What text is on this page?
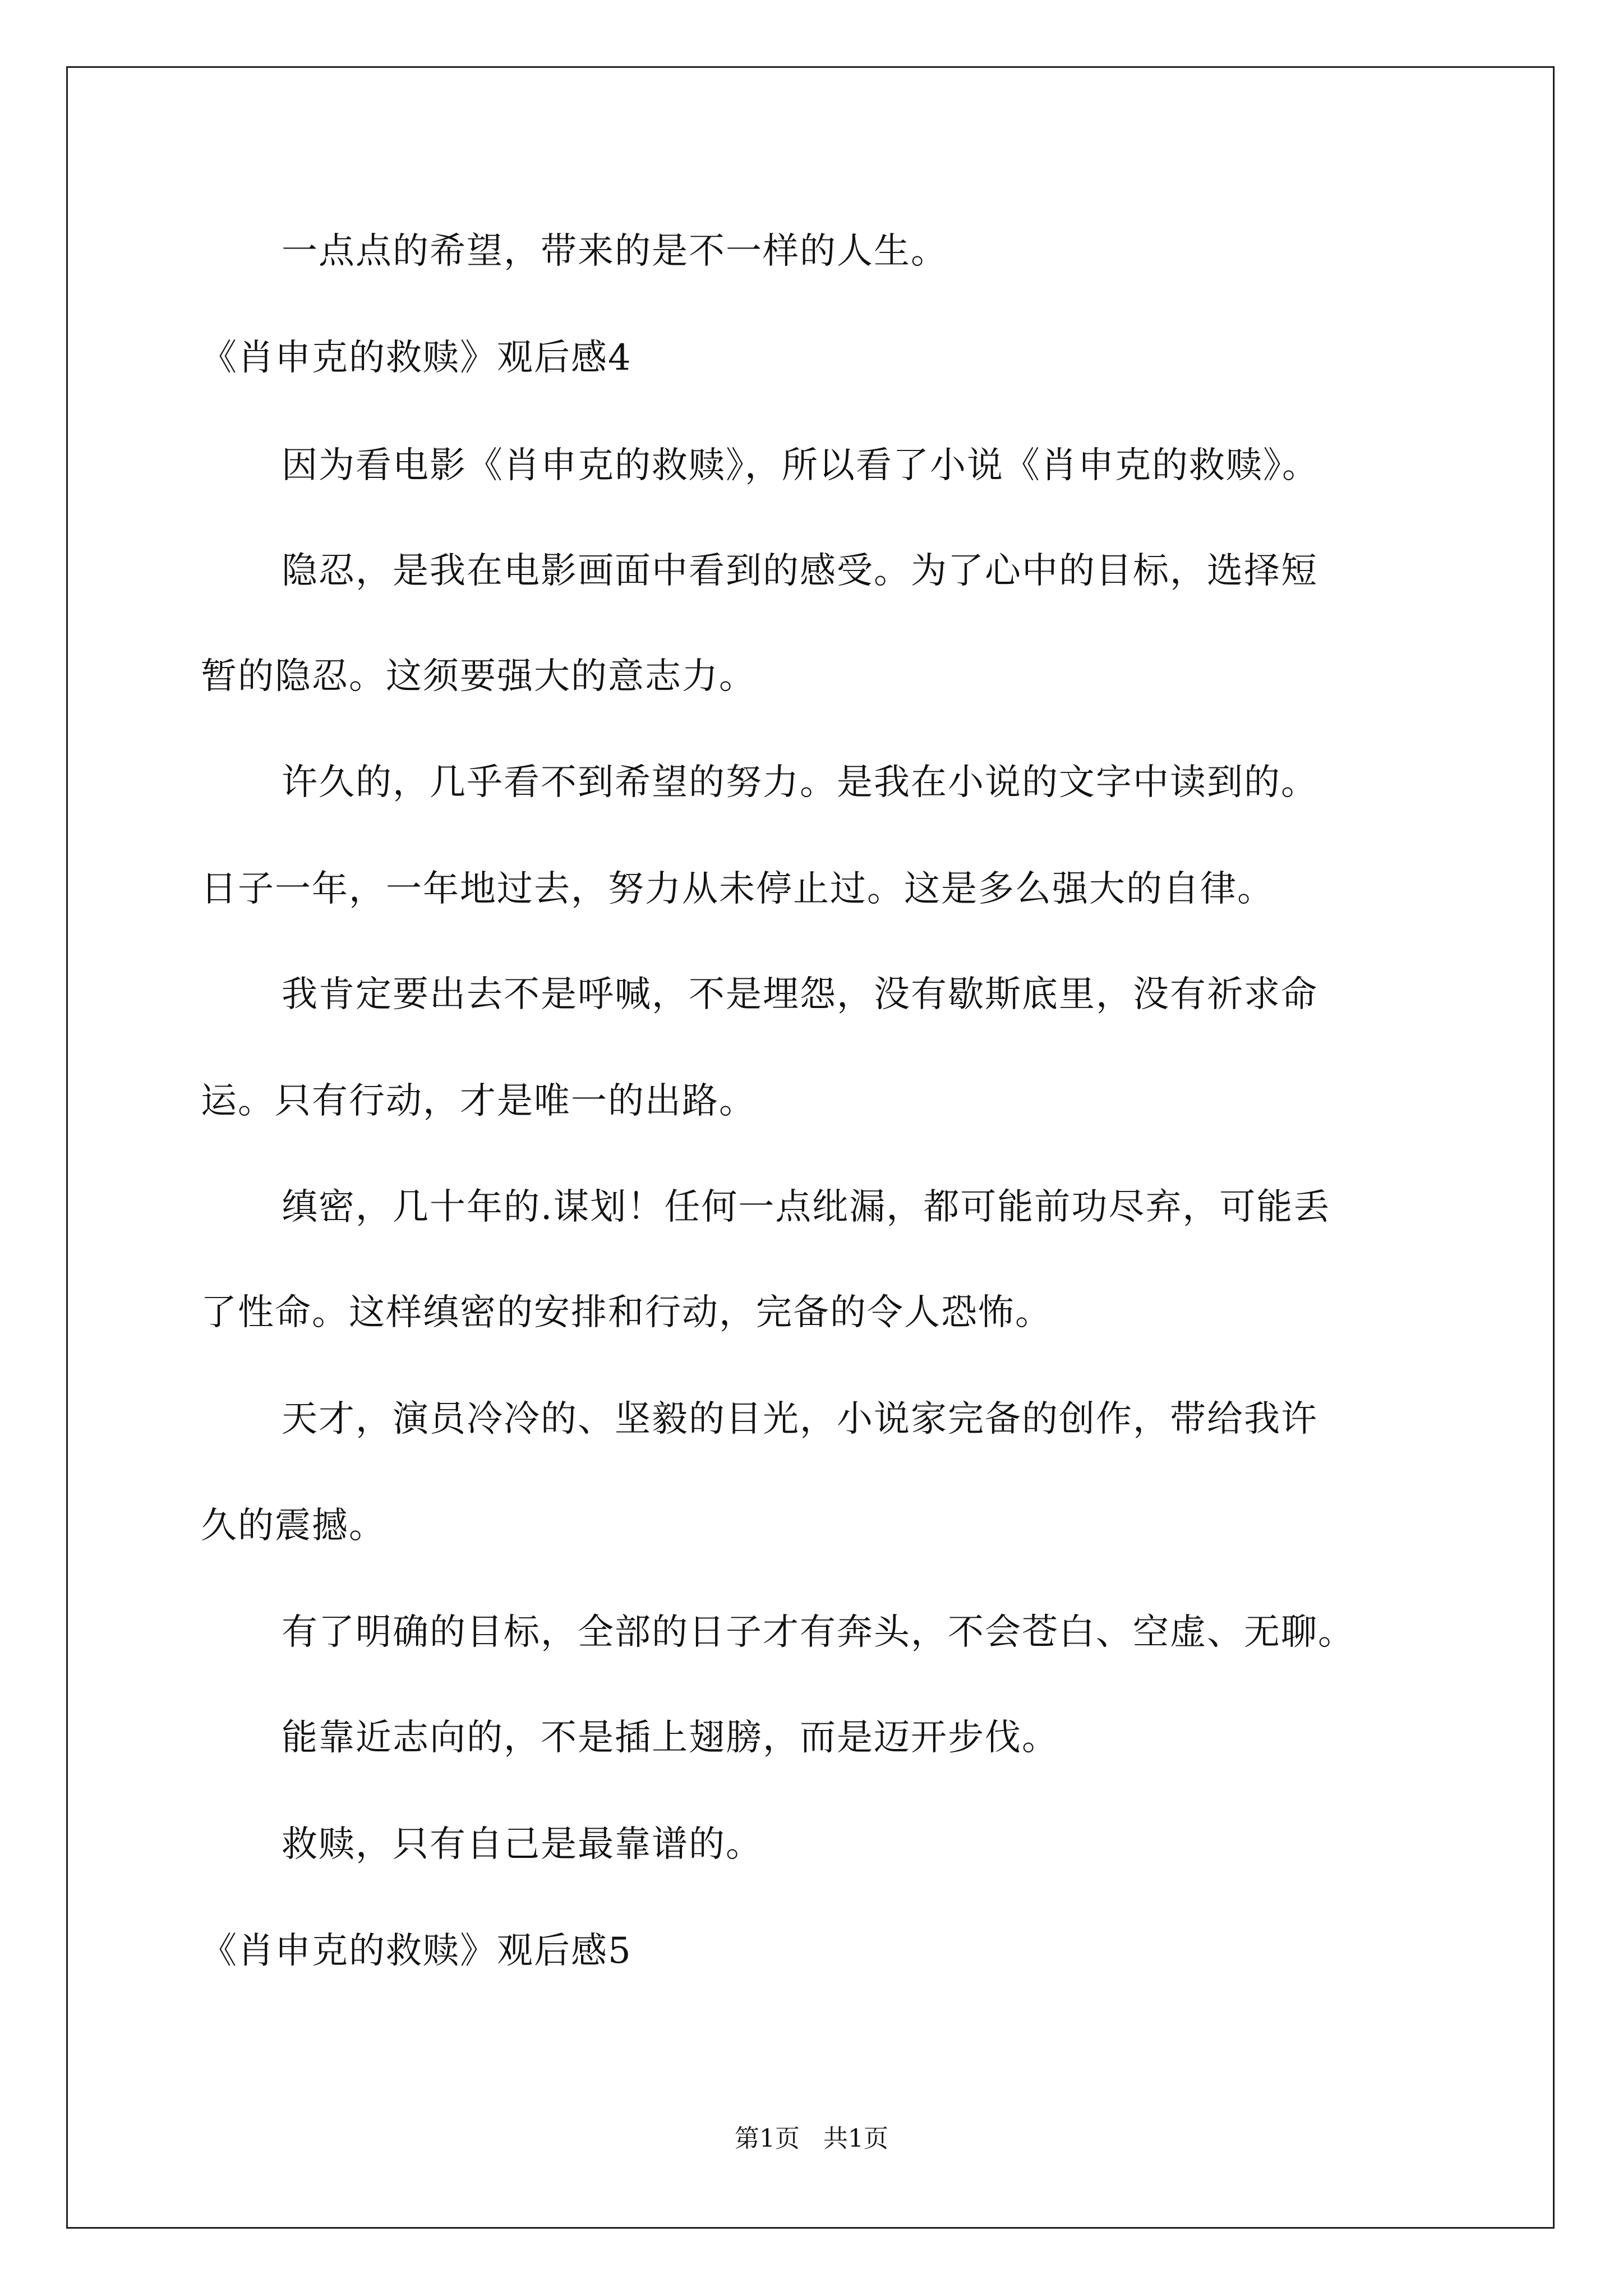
一点点的希望，带来的是不一样的人生。
《肖申克的救赎》观后感4
因为看电影《肖申克的救赎》，所以看了小说《肖申克的救赎》。
隐忍，是我在电影画面中看到的感受。为了心中的目标，选择短
暂的隐忍。这须要强大的意志力。
许久的，几乎看不到希望的努力。是我在小说的文字中读到的。
日子一年，一年地过去，努力从未停止过。这是多么强大的自律。
我肯定要出去不是呼喊，不是埋怨，没有歇斯底里，没有祈求命
运。只有行动，才是唯一的出路。
缜密，几十年的.谋划！任何一点纰漏，都可能前功尽弃，可能丢
了性命。这样缜密的安排和行动，完备的令人恐怖。
天才，演员冷冷的、坚毅的目光，小说家完备的创作，带给我许
久的震撼。
有了明确的目标，全部的日子才有奔头，不会苍白、空虚、无聊。
能靠近志向的，不是插上翅膀，而是迈开步伐。
救赎，只有自己是最靠谱的。
《肖申克的救赎》观后感5
第1页   共1页
